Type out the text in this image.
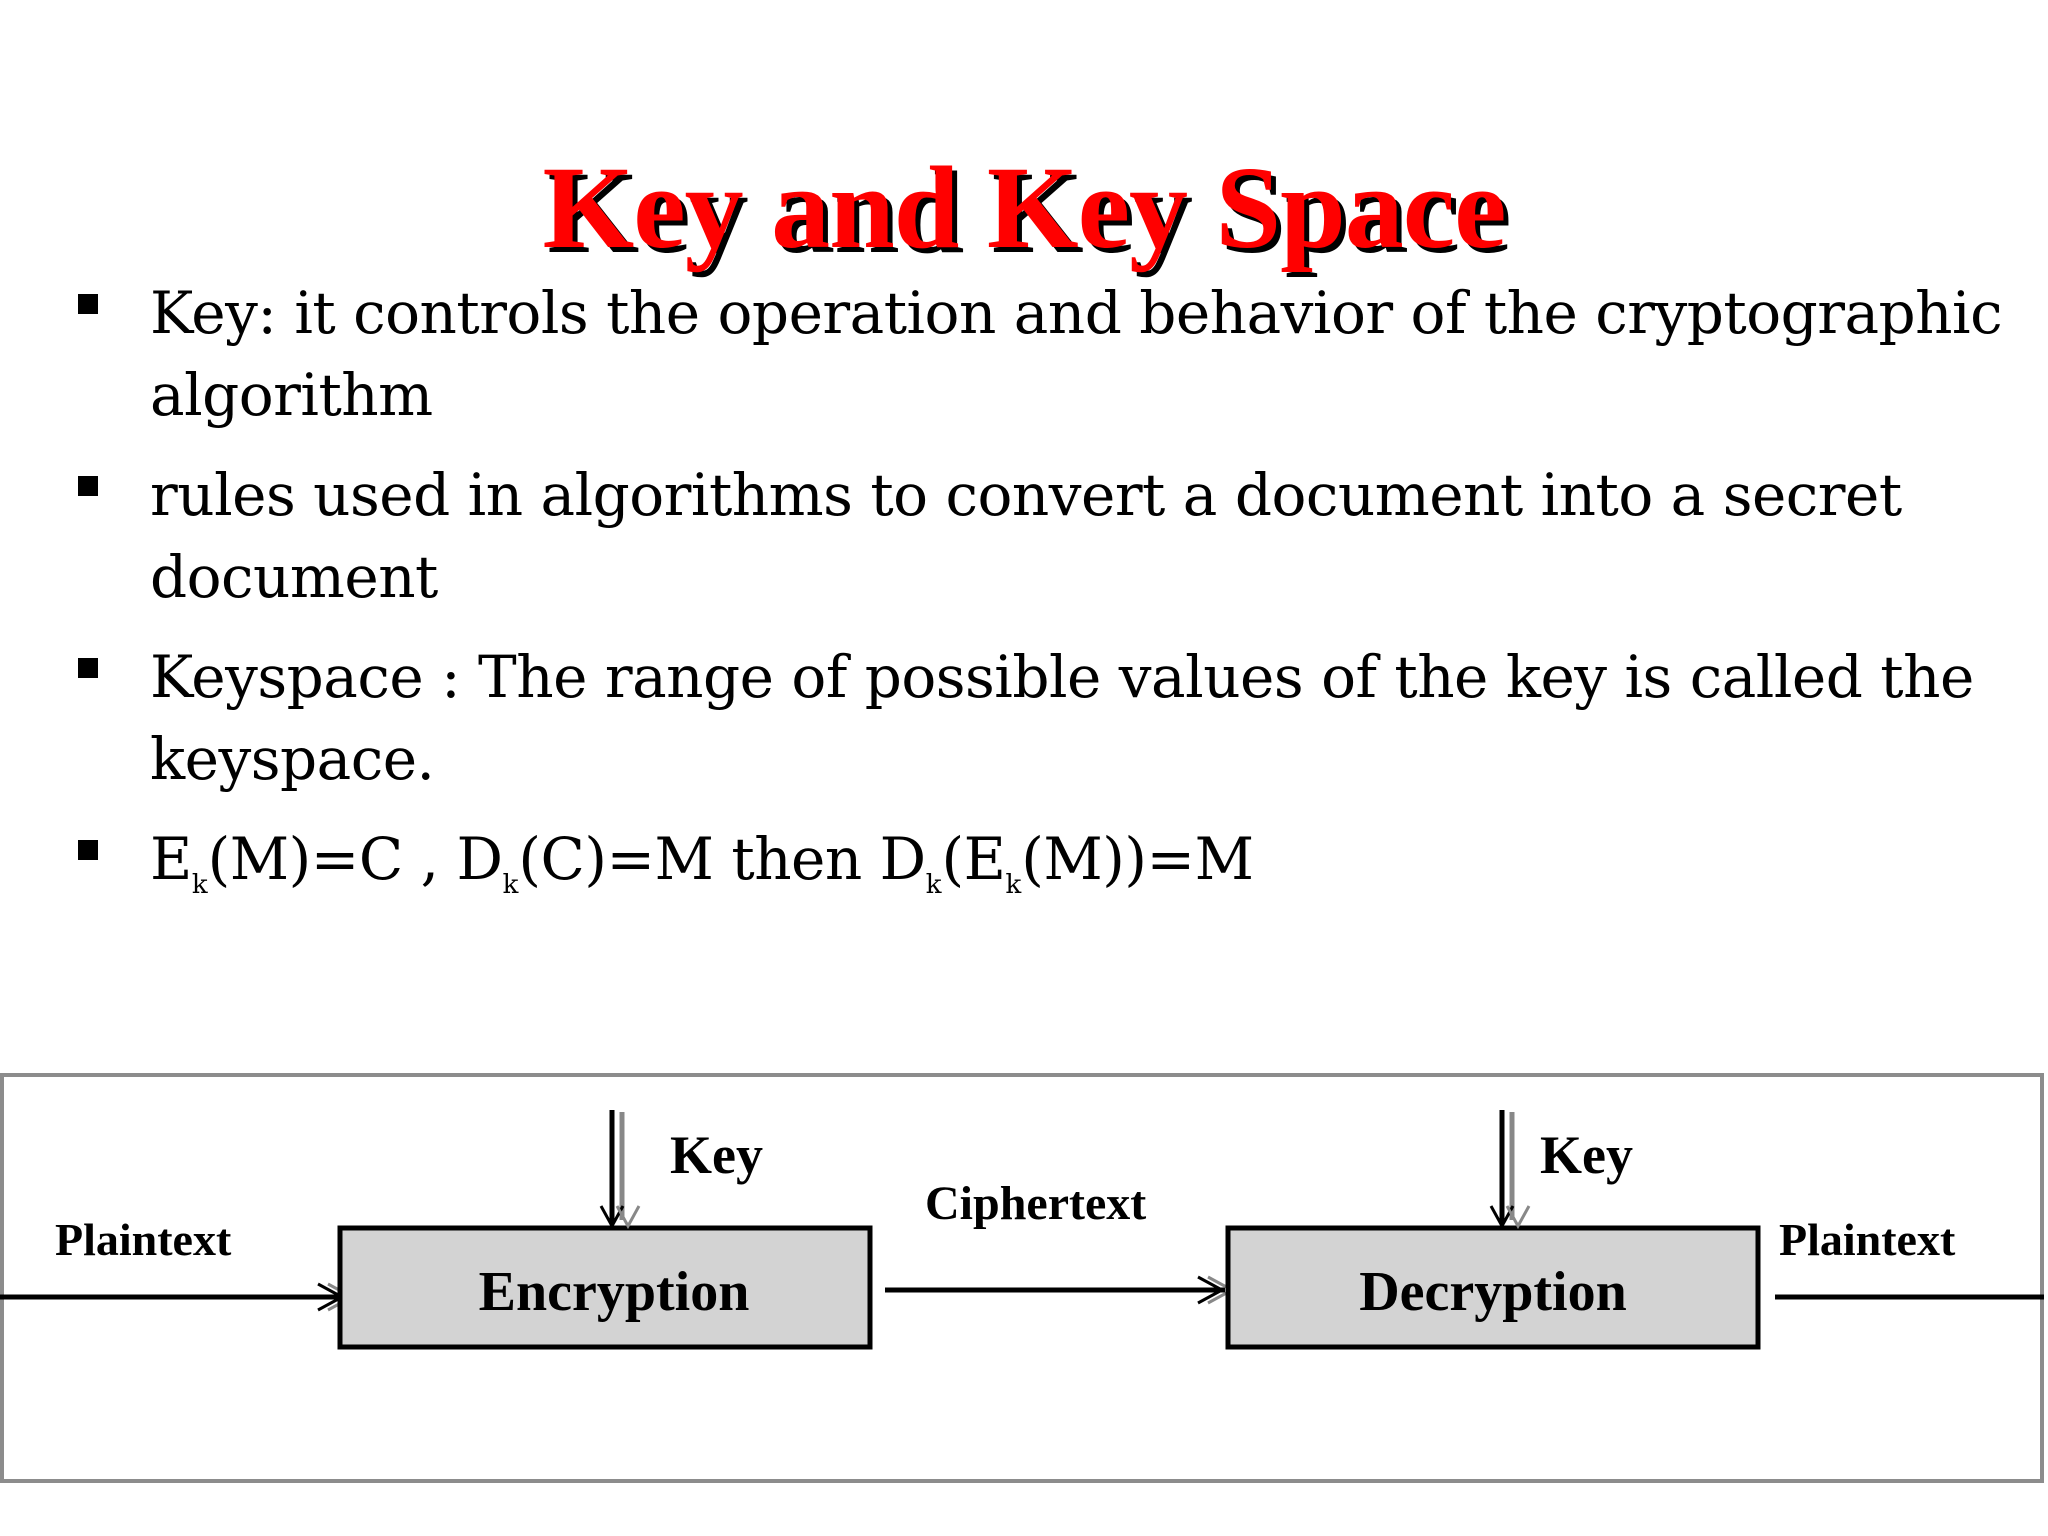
Key and Key Space
Key: it controls the operation and behavior of the cryptographic algorithm
rules used in algorithms to convert a document into a secret document
Keyspace : The range of possible values of the key is called the keyspace.
$E_k(M)=C$ , $D_k(C)=M$ then $D_k(E_k(M))=M$
Plaintext
Encryption
Key
Ciphertext
Decryption
Key
Plaintext
